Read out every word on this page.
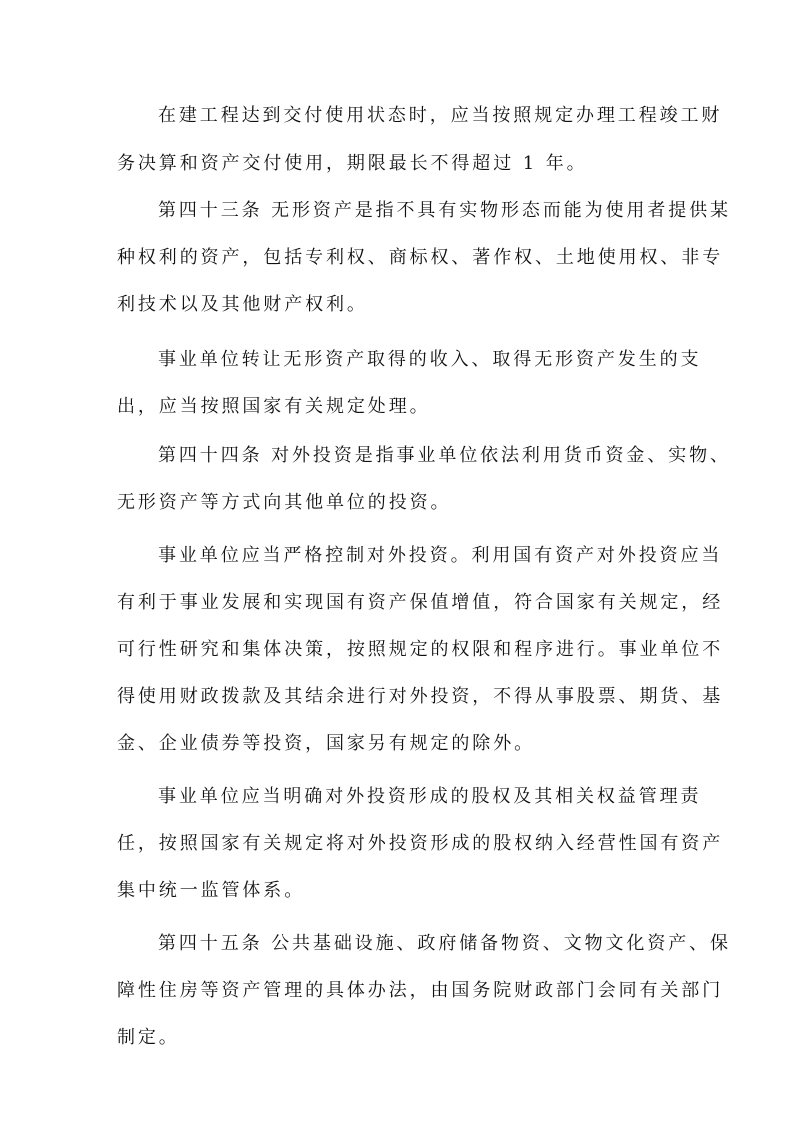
在建工程达到交付使用状态时，应当按照规定办理工程竣工财
务决算和资产交付使用，期限最长不得超过 1 年。
第四十三条 无形资产是指不具有实物形态而能为使用者提供某
种权利的资产，包括专利权、商标权、著作权、土地使用权、非专
利技术以及其他财产权利。
事业单位转让无形资产取得的收入、取得无形资产发生的支
出，应当按照国家有关规定处理。
第四十四条 对外投资是指事业单位依法利用货币资金、实物、
无形资产等方式向其他单位的投资。
事业单位应当严格控制对外投资。利用国有资产对外投资应当
有利于事业发展和实现国有资产保值增值，符合国家有关规定，经
可行性研究和集体决策，按照规定的权限和程序进行。事业单位不
得使用财政拨款及其结余进行对外投资，不得从事股票、期货、基
金、企业债券等投资，国家另有规定的除外。
事业单位应当明确对外投资形成的股权及其相关权益管理责
任，按照国家有关规定将对外投资形成的股权纳入经营性国有资产
集中统一监管体系。
第四十五条 公共基础设施、政府储备物资、文物文化资产、保
障性住房等资产管理的具体办法，由国务院财政部门会同有关部门
制定。
